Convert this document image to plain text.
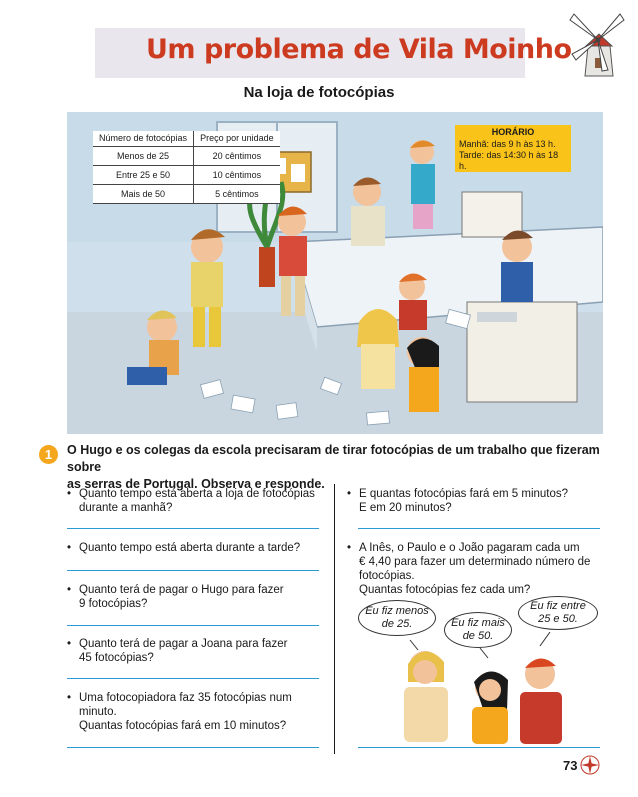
Um problema de Vila Moinho
Na loja de fotocópias
Número de fotocópias	Preço por unidade
Menos de 25	20 cêntimos
Entre 25 e 50	10 cêntimos
Mais de 50	5 cêntimos
HORÁRIO
Manhã: das 9 h às 13 h.
Tarde: das 14:30 h às 18 h.
1	O Hugo e os colegas da escola precisaram de tirar fotocópias de um trabalho que fizeram sobre
as serras de Portugal. Observa e responde.
• Quanto tempo está aberta a loja de fotocópias
durante a manhã?
• Quanto tempo está aberta durante a tarde?
• Quanto terá de pagar o Hugo para fazer
9 fotocópias?
• Quanto terá de pagar a Joana para fazer
45 fotocópias?
• Uma fotocopiadora faz 35 fotocópias num
minuto.
Quantas fotocópias fará em 10 minutos?
• E quantas fotocópias fará em 5 minutos?
E em 20 minutos?
• A Inês, o Paulo e o João pagaram cada um
€ 4,40 para fazer um determinado número de
fotocópias.
Quantas fotocópias fez cada um?
Eu fiz menos
de 25.	Eu fiz mais
de 50.
Eu fiz entre
25 e 50.
73
